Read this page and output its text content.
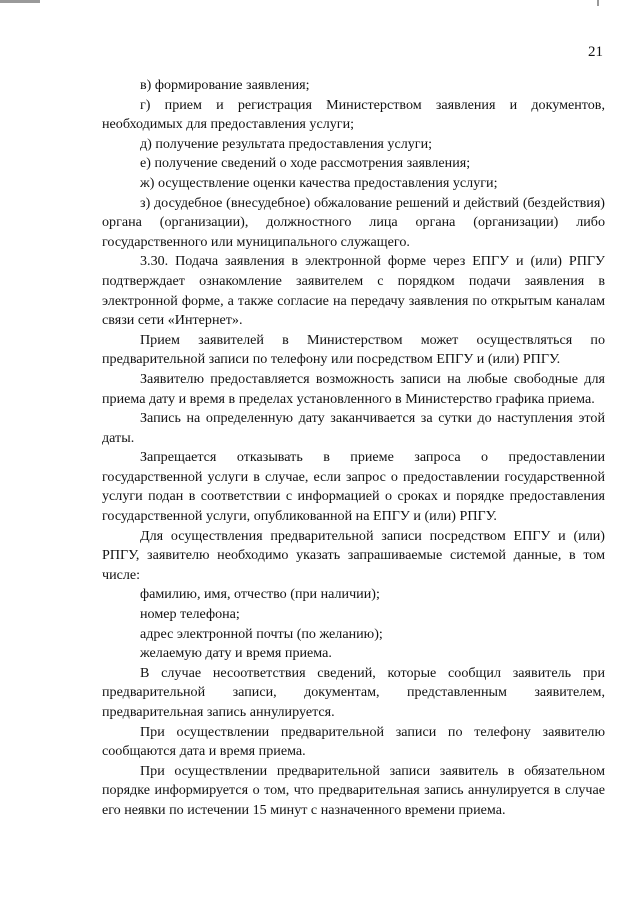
21

в) формирование заявления;

г) прием и регистрация Министерством заявления и документов, необходимых для предоставления услуги;

д) получение результата предоставления услуги;

е) получение сведений о ходе рассмотрения заявления;

ж) осуществление оценки качества предоставления услуги;

з) досудебное (внесудебное) обжалование решений и действий (бездействия) органа (организации), должностного лица органа (организации) либо государственного или муниципального служащего.

3.30. Подача заявления в электронной форме через ЕПГУ и (или) РПГУ подтверждает ознакомление заявителем с порядком подачи заявления в электронной форме, а также согласие на передачу заявления по открытым каналам связи сети «Интернет».

Прием заявителей в Министерством может осуществляться по предварительной записи по телефону или посредством ЕПГУ и (или) РПГУ.

Заявителю предоставляется возможность записи на любые свободные для приема дату и время в пределах установленного в Министерство графика приема.

Запись на определенную дату заканчивается за сутки до наступления этой даты.

Запрещается отказывать в приеме запроса о предоставлении государственной услуги в случае, если запрос о предоставлении государственной услуги подан в соответствии с информацией о сроках и порядке предоставления государственной услуги, опубликованной на ЕПГУ и (или) РПГУ.

Для осуществления предварительной записи посредством ЕПГУ и (или) РПГУ, заявителю необходимо указать запрашиваемые системой данные, в том числе:

фамилию, имя, отчество (при наличии);

номер телефона;

адрес электронной почты (по желанию);

желаемую дату и время приема.

В случае несоответствия сведений, которые сообщил заявитель при предварительной записи, документам, представленным заявителем, предварительная запись аннулируется.

При осуществлении предварительной записи по телефону заявителю сообщаются дата и время приема.

При осуществлении предварительной записи заявитель в обязательном порядке информируется о том, что предварительная запись аннулируется в случае его неявки по истечении 15 минут с назначенного времени приема.
